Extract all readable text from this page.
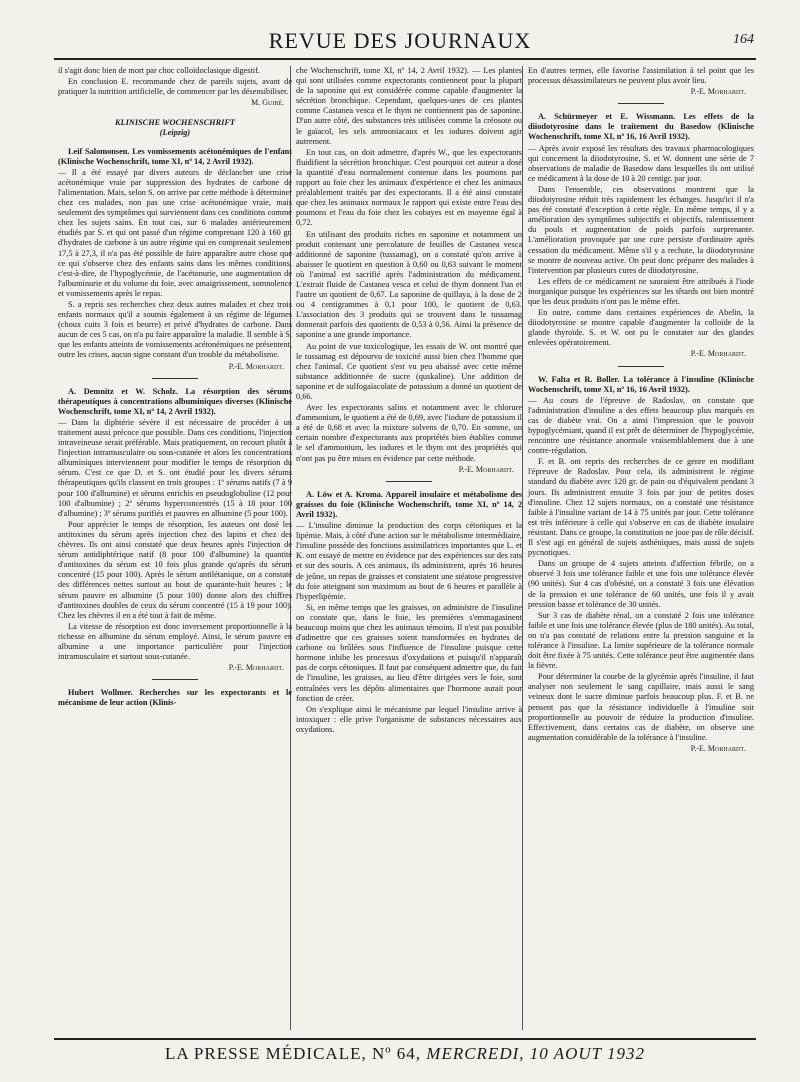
REVUE DES JOURNAUX	164

il s'agit donc bien de mort par choc colloïdoclasique digestif.

En conclusion E. recommande chez de pareils sujets, avant de pratiquer la nutrition artificielle, de commencer par les désensibiliser.

M. Guibé.
KLINISCHE WOCHENSCHRIFT
(Leipzig)

Leif Salomonsen. Les vomissements acétonémiques de l'enfant (Klinische Wochenschrift, tome XI, nº 14, 2 Avril 1932).

— Il a été essayé par divers auteurs de déclancher une crise acétonémique vraie par suppression des hydrates de carbone de l'alimentation. Mais, selon S. on arrive par cette méthode à déterminer chez ces malades, non pas une crise acétonémique vraie, mais seulement des symptômes qui surviennent dans ces conditions comme chez les sujets sains. En tout cas, sur 6 malades antérieurement étudiés par S. et qui ont passé d'un régime comprenant 120 à 160 gr. d'hydrates de carbone à un autre régime qui en comprenait seulement 17,5 à 27,3, il n'a pas été possible de faire apparaître autre chose que ce qui s'observe chez des enfants sains dans les mêmes conditions, c'est-à-dire, de l'hypoglycémie, de l'acétonurie, une augmentation de l'albuminurie et du volume du foie, avec amaigrissement, somnolence et vomissements après le repas.

S. a repris ses recherches chez deux autres malades et chez trois enfants normaux qu'il a soumis également à un régime de légumes (choux cuits 3 fois et beurre) et privé d'hydrates de carbone. Dans aucun de ces 5 cas, on n'a pu faire apparaître la maladie. Il semble à S. que les enfants atteints de vomissements acétonémiques ne présentent, outre les crises, aucun signe constant d'un trouble du métabolisme.

P.-E. Morhardt.

A. Demnitz et W. Scholz. La résorption des sérums thérapeutiques à concentrations albuminiques diverses (Klinische Wochenschrift, tome XI, nº 14, 2 Avril 1932).

— Dans la diphtérie sévère il est nécessaire de procéder à un traitement aussi précoce que possible. Dans ces conditions, l'injection intraveineuse serait préférable. Mais pratiquement, on recourt plutôt à l'injection intramusculaire ou sous-cutanée et alors les concentrations albuminiques interviennent pour modifier le temps de résorption du sérum. C'est ce que D. et S. ont étudié pour les divers sérums thérapeutiques qu'ils classent en trois groupes : 1º sérums natifs (7 à 9 pour 100 d'albumine) et sérums enrichis en pseudoglobuline (12 pour 100 d'albumine) ; 2º sérums hyperconcentrés (15 à 18 pour 100 d'albumine) ; 3º sérums purifiés et pauvres en albumine (5 pour 100).

Pour apprécier le temps de résorption, les auteurs ont dosé les antitoxines du sérum après injection chez des lapins et chez des chèvres. Ils ont ainsi constaté que deux heures après l'injection de sérum antidiphtérique natif (8 pour 100 d'albumine) la quantité d'antitoxines du sérum est 10 fois plus grande qu'après du sérum concentré (15 pour 100). Après le sérum antilétanique, on a constaté des différences nettes surtout au bout de quarante-huit heures ; le sérum pauvre en albumine (5 pour 100) donne alors des chiffres d'antitoxines doubles de ceux du sérum concentré (15 à 19 pour 100). Chez les chèvres il en a été tout à fait de même.

La vitesse de résorption est donc inversement proportionnelle à la richesse en albumine du sérum employé. Ainsi, le sérum pauvre en albumine a une importance particulière pour l'injection intramusculaire et surtout sous-cutanée.

P.-E. Morhardt.

Hubert Wollmer. Recherches sur les expectorants et le mécanisme de leur action (Klinis-

che Wochenschrift, tome XI, nº 14, 2 Avril 1932). — Les plantes qui sont utilisées comme expectorants contiennent pour la plupart de la saponine qui est considérée comme capable d'augmenter la sécrétion bronchique. Cependant, quelques-unes de ces plantes comme Castanea vesca et le thym ne contiennent pas de saponine. D'un autre côté, des substances très utilisées comme la créosote ou le gaïacol, les sels ammoniacaux et les iodures doivent agir autrement.

En tout cas, on doit admettre, d'après W., que les expectorants fluidifient la sécrétion bronchique. C'est pourquoi cet auteur a dosé la quantité d'eau normalement contenue dans les poumons par rapport au foie chez les animaux d'expérience et chez les animaux préalablement traités par des expectorants. Il a été ainsi constaté que chez les animaux normaux le rapport qui existe entre l'eau des poumons et l'eau du foie chez les cobayes est en moyenne égal à 0,72.

En utilisant des produits riches en saponine et notamment un produit contenant une percolature de feuilles de Castanea vesca additionné de saponine (tussamag), on a constaté qu'on arrive à abaisser le quotient en question à 0,60 ou 0,63 suivant le moment où l'animal est sacrifié après l'administration du médicament. L'extrait fluide de Castanea vesca et celui de thym donnent l'un et l'autre un quotient de 0,67. La saponine de quillaya, à la dose de 2 ou 4 centigrammes à 0,1 pour 100, le quotient de 0,63. L'association des 3 produits qui se trouvent dans le tussamag donnerait parfois des quotients de 0,53 à 0,56. Ainsi la présence de saponine a une grande importance.

Au point de vue toxicologique, les essais de W. ont montré que le tussamag est dépourvu de toxicité aussi bien chez l'homme que chez l'animal. Ce quotient s'est vu peu abaissé avec cette même substance additionnée de sucre (quskaline). Une addition de saponine et de sulfogaïacolate de potassium a donné un quotient de 0,66.

Avec les expectorants salins et notamment avec le chlorure d'ammonium, le quotient a été de 0,69, avec l'iodure de potassium il a été de 0,68 et avec la mixture solvens de 0,70. En somme, un certain nombre d'expectorants aux propriétés bien établies comme le sel d'ammonium, les iodures et le thym ont des propriétés qui n'ont pas pu être mises en évidence par cette méthode.

P.-E. Morhardt.

A. Löw et A. Kroma. Appareil insulaire et métabolisme des graisses du foie (Klinische Wochenschrift, tome XI, nº 14, 2 Avril 1932).

— L'insuline diminue la production des corps cétoniques et la lipémie. Mais, à côté d'une action sur le métabolisme intermédiaire, l'insuline possède des fonctions assimilatrices importantes que L. et K. ont essayé de mettre en évidence par des expériences sur des rats et sur des souris. A ces animaux, ils administrent, après 16 heures de jeûne, un repas de graisses et constatent une stéatose progressive du foie atteignant son maximum au bout de 6 heures et parallèle à l'hyperlipémie.

Si, en même temps que les graisses, on administre de l'insuline on constate que, dans le foie, les premières s'emmagasinent beaucoup moins que chez les animaux témoins. Il n'est pas possible d'admettre que ces graisses soient transformées en hydrates de carbone ou brûlées sous l'influence de l'insuline puisque cette hormone inhibe les processus d'oxydations et puisqu'il n'apparaît pas de corps cétoniques. Il faut par conséquent admettre que, du fait de l'insuline, les graisses, au lieu d'être dirigées vers le foie, sont entraînées vers les dépôts alimentaires que l'hormone aurait pour fonction de créer.

On s'explique ainsi le mécanisme par lequel l'insuline arrive à intoxiquer : elle prive l'organisme de substances nécessaires aux oxydations.

En d'autres termes, elle favorise l'assimilation à tel point que les processus désassimilateurs ne peuvent plus avoir lieu.

P.-E. Morhardt.

A. Schürmeyer et E. Wissmann. Les effets de la diiodotyrosine dans le traitement du Basedow (Klinische Wochenschrift, tome XI, nº 16, 16 Avril 1932).

— Après avoir exposé les résultats des travaux pharmacologiques qui concernent la diiodotyrosine, S. et W. donnent une série de 7 observations de maladie de Basedow dans lesquelles ils ont utilisé ce médicament à la dose de 10 à 20 centigr. par jour.

Dans l'ensemble, ces observations montrent que la diiodotyrosine réduit très rapidement les échanges. Jusqu'ici il n'a pas été constaté d'exception à cette règle. En même temps, il y a amélioration des symptômes subjectifs et objectifs, ralentissement du pouls et augmentation de poids parfois surprenante. L'amélioration provoquée par une cure persiste d'ordinaire après cessation du médicament. Même s'il y a rechute, la diiodotyrosine se montre de nouveau active. On peut donc préparer des malades à l'intervention par plusieurs cures de diiodotyrosine.

Les effets de ce médicament ne sauraient être attribués à l'iode inorganique puisque les expériences sur les têtards ont bien montré que les deux produits n'ont pas le même effet.

En outre, comme dans certaines expériences de Abelin, la diiodotyrosine se montre capable d'augmenter la colloïde de la glande thyroïde. S. et W. ont pu le constater sur des glandes enlevées opératoirement.

P.-E. Morhardt.

W. Falta et R. Boller. La tolérance à l'insuline (Klinische Wochenschrift, tome XI, nº 16, 16 Avril 1932).

— Au cours de l'épreuve de Radoslav, on constate que l'administration d'insuline a des effets beaucoup plus marqués en cas de diabète vrai. On a ainsi l'impression que le pouvoir hypoglycémiant, quand il est prêt de déterminer de l'hypoglycémie, rencontre une résistance anormale vraisemblablement due à une contre-régulation.

F. et B. ont repris des recherches de ce genre en modifiant l'épreuve de Radoslav. Pour cela, ils administrent le régime standard du diabète avec 120 gr. de pain ou d'équivalent pendant 3 jours. Ils administrent ensuite 3 fois par jour de petites doses d'insuline. Chez 12 sujets normaux, on a constaté une résistance faible à l'insuline variant de 14 à 75 unités par jour. Cette tolérance est très inférieure à celle qui s'observe en cas de diabète insulaire résistant. Dans ce groupe, la constitution ne joue pas de rôle décisif. Il s'est agi en général de sujets asthéniques, mais aussi de sujets pycnotiques.

Dans un groupe de 4 sujets atteints d'affection fébrile, on a observé 3 fois une tolérance faible et une fois une tolérance élevée (90 unités). Sur 4 cas d'obésité, on a constaté 3 fois une élévation de la pression et une tolérance de 60 unités, une fois il y avait pression basse et tolérance de 30 unités.

Sur 3 cas de diabète rénal, on a constaté 2 fois une tolérance faible et une fois une tolérance élevée (plus de 180 unités). Au total, on n'a pas constaté de relations entre la pression sanguine et la tolérance à l'insuline. La limite supérieure de la tolérance normale doit être fixée à 75 unités. Cette tolérance peut être augmentée dans la fièvre.

Pour déterminer la courbe de la glycémie après l'insuline, il faut analyser non seulement le sang capillaire, mais aussi le sang veineux dont le sucre diminue parfois beaucoup plus. F. et B. ne pensent pas que la résistance individuelle à l'insuline soit proportionnelle au pouvoir de réduire la production d'insuline. Effectivement, dans certains cas de diabète, on observe une augmentation considérable de la tolérance à l'insuline.

P.-E. Morhardt.
LA PRESSE MÉDICALE, Nº 64, MERCREDI, 10 AOUT 1932
